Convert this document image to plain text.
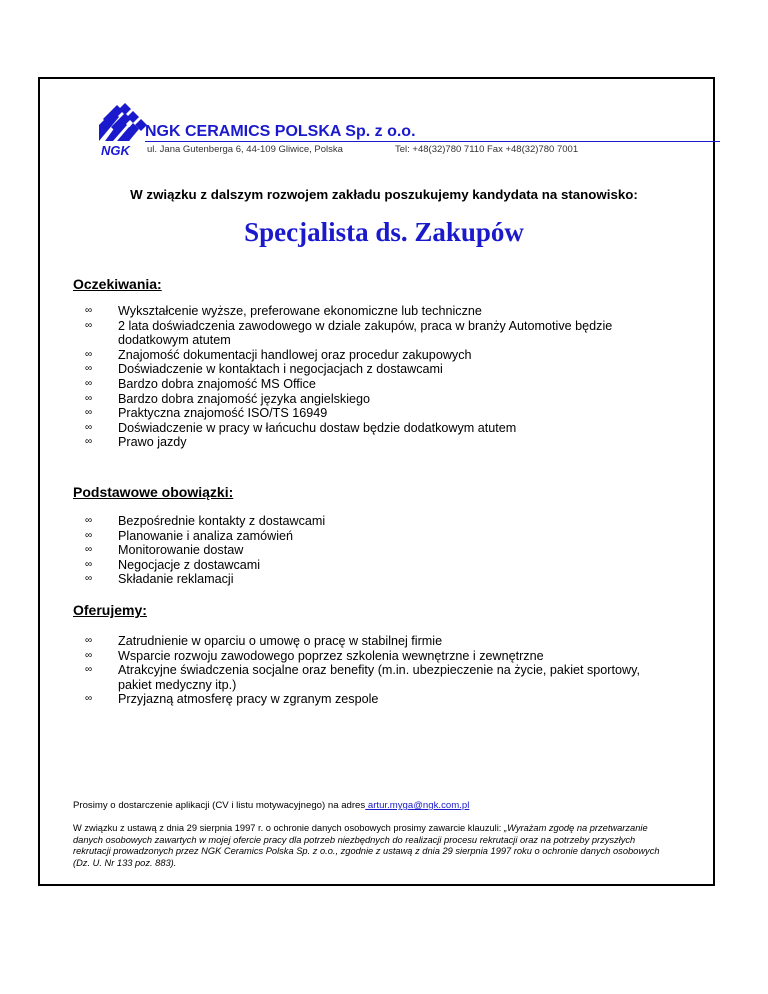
NGK
NGK CERAMICS POLSKA Sp. z o.o.
ul. Jana Gutenberga 6, 44-109 Gliwice, Polska	Tel: +48(32)780 7110 Fax +48(32)780 7001
W związku z dalszym rozwojem zakładu poszukujemy kandydata na stanowisko:
Specjalista ds. Zakupów
Oczekiwania:
∞ Wykształcenie wyższe, preferowane ekonomiczne lub techniczne
∞ 2 lata doświadczenia zawodowego w dziale zakupów, praca w branży Automotive będzie dodatkowym atutem
∞ Znajomość dokumentacji handlowej oraz procedur zakupowych
∞ Doświadczenie w kontaktach i negocjacjach z dostawcami
∞ Bardzo dobra znajomość MS Office
∞ Bardzo dobra znajomość języka angielskiego
∞ Praktyczna znajomość ISO/TS 16949
∞ Doświadczenie w pracy w łańcuchu dostaw będzie dodatkowym atutem
∞ Prawo jazdy
Podstawowe obowiązki:
∞ Bezpośrednie kontakty z dostawcami
∞ Planowanie i analiza zamówień
∞ Monitorowanie dostaw
∞ Negocjacje z dostawcami
∞ Składanie reklamacji
Oferujemy:
∞ Zatrudnienie w oparciu o umowę o pracę w stabilnej firmie
∞ Wsparcie rozwoju zawodowego poprzez szkolenia wewnętrzne i zewnętrzne
∞ Atrakcyjne świadczenia socjalne oraz benefity (m.in. ubezpieczenie na życie, pakiet sportowy, pakiet medyczny itp.)
∞ Przyjazną atmosferę pracy w zgranym zespole
Prosimy o dostarczenie aplikacji (CV i listu motywacyjnego) na adres artur.myga@ngk.com.pl
W związku z ustawą z dnia 29 sierpnia 1997 r. o ochronie danych osobowych prosimy zawarcie klauzuli: „Wyrażam zgodę na przetwarzanie danych osobowych zawartych w mojej ofercie pracy dla potrzeb niezbędnych do realizacji procesu rekrutacji oraz na potrzeby przyszłych rekrutacji prowadzonych przez NGK Ceramics Polska Sp. z o.o., zgodnie z ustawą z dnia 29 sierpnia 1997 roku o ochronie danych osobowych (Dz. U. Nr 133 poz. 883).
